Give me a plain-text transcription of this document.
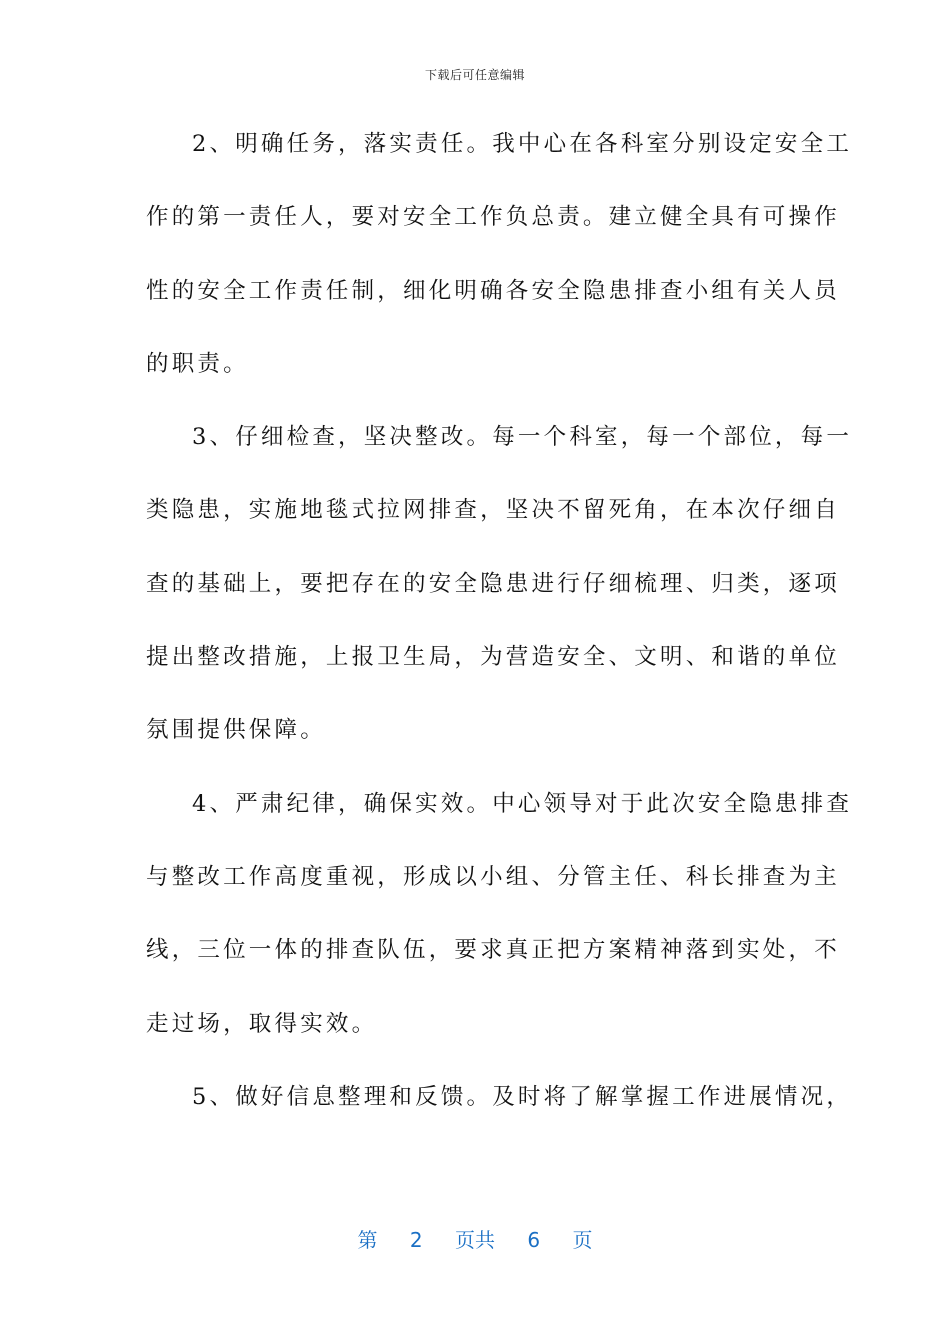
下载后可任意编辑
2、明确任务，落实责任。我中心在各科室分别设定安全工
作的第一责任人，要对安全工作负总责。建立健全具有可操作
性的安全工作责任制，细化明确各安全隐患排查小组有关人员
的职责。
3、仔细检查，坚决整改。每一个科室，每一个部位，每一
类隐患，实施地毯式拉网排查，坚决不留死角，在本次仔细自
查的基础上，要把存在的安全隐患进行仔细梳理、归类，逐项
提出整改措施，上报卫生局，为营造安全、文明、和谐的单位
氛围提供保障。
4、严肃纪律，确保实效。中心领导对于此次安全隐患排查
与整改工作高度重视，形成以小组、分管主任、科长排查为主
线，三位一体的排查队伍，要求真正把方案精神落到实处，不
走过场，取得实效。
5、做好信息整理和反馈。及时将了解掌握工作进展情况，
第 2 页共 6 页
